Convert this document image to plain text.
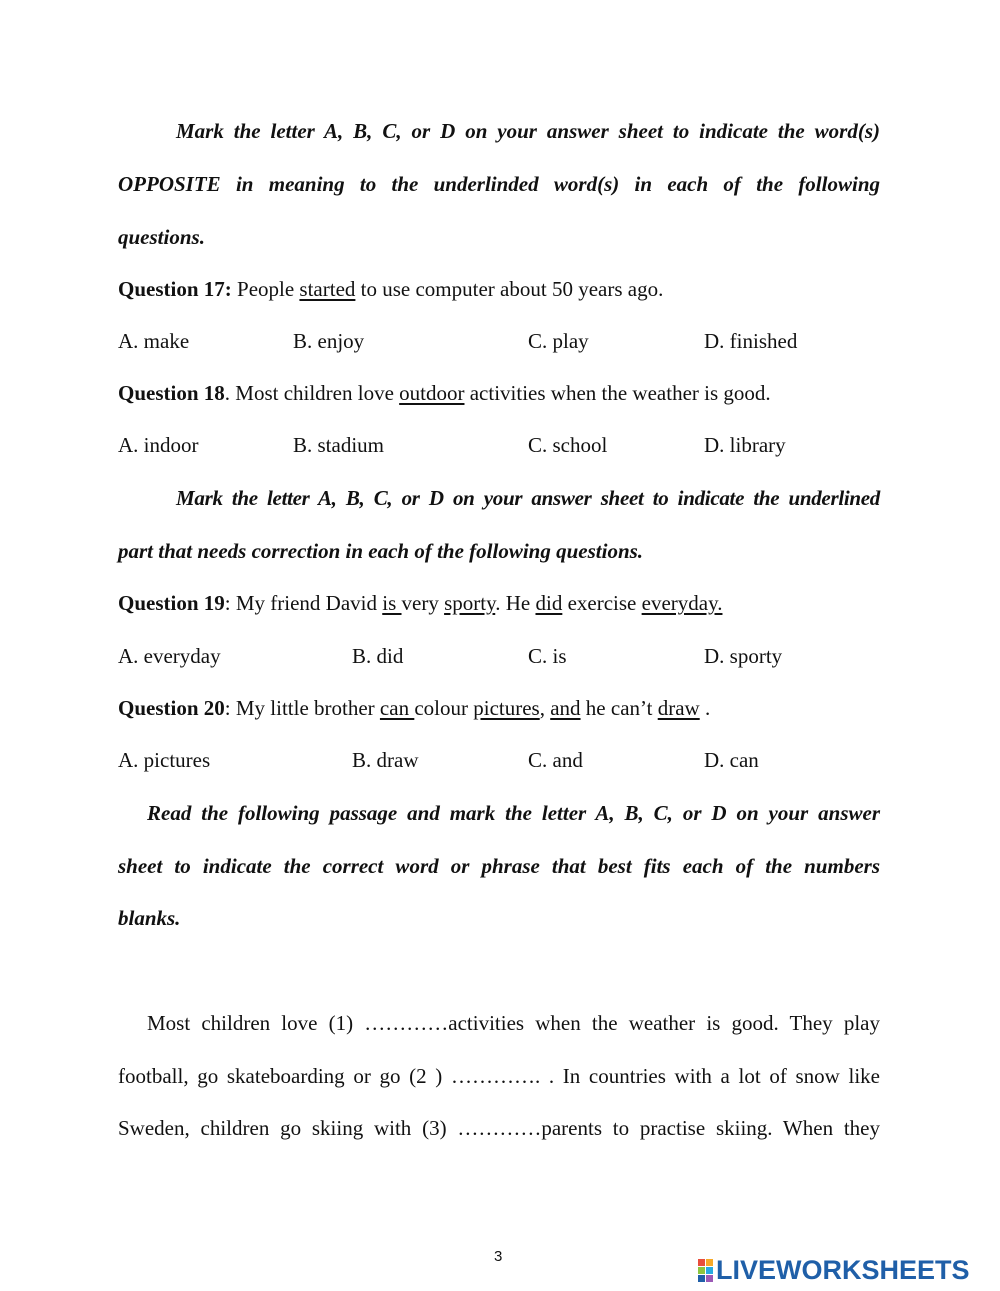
Mark the letter A, B, C, or D on your answer sheet to indicate the word(s)
OPPOSITE in meaning to the underlinded word(s) in each of the following
questions.
Question 17: People started to use computer about 50 years ago.
A. make	B. enjoy	C. play	D. finished
Question 18. Most children love outdoor activities when the weather is good.
A. indoor	B. stadium	C. school	D. library
Mark the letter A, B, C, or D on your answer sheet to indicate the underlined
part that needs correction in each of the following questions.
Question 19: My friend David is very sporty. He did exercise everyday.
A. everyday	B. did	C. is	D. sporty
Question 20: My little brother can colour pictures, and he can’t draw .
A. pictures	B. draw	C. and	D. can
Read the following passage and mark the letter A, B, C, or D on your answer
sheet to indicate the correct word or phrase that best fits each of the numbers
blanks.
Most children love (1) …………activities when the weather is good. They play
football, go skateboarding or go (2 ) …………. . In countries with a lot of snow like
Sweden, children go skiing with (3) …………parents to practise skiing. When they
3	LIVEWORKSHEETS
